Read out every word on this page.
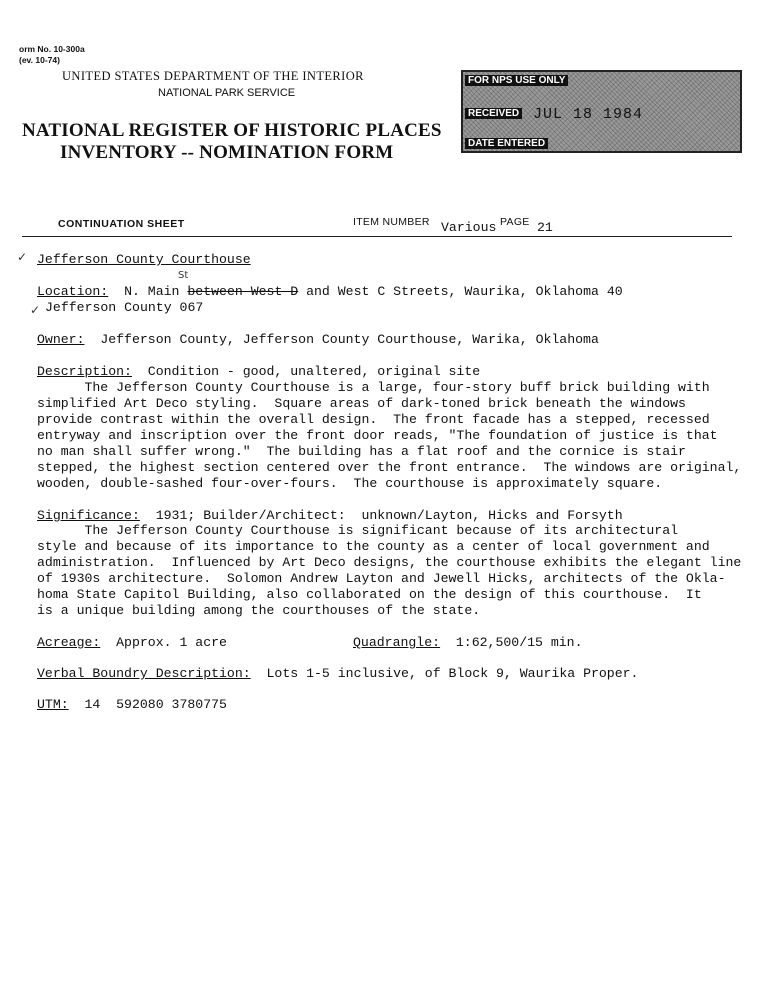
orm No. 10-300a
(ev. 10-74)
UNITED STATES DEPARTMENT OF THE INTERIOR
NATIONAL PARK SERVICE
NATIONAL REGISTER OF HISTORIC PLACES
INVENTORY -- NOMINATION FORM
FOR NPS USE ONLY
RECEIVED JUL 18 1984
DATE ENTERED
CONTINUATION SHEET	ITEM NUMBER Various PAGE 21
✓ Jefferson County Courthouse
St
Location: N. Main between West D and West C Streets, Waurika, Oklahoma 40
✓ Jefferson County 067
Owner: Jefferson County, Jefferson County Courthouse, Warika, Oklahoma
Description: Condition - good, unaltered, original site
The Jefferson County Courthouse is a large, four-story buff brick building with
simplified Art Deco styling.  Square areas of dark-toned brick beneath the windows
provide contrast within the overall design.  The front facade has a stepped, recessed
entryway and inscription over the front door reads, "The foundation of justice is that
no man shall suffer wrong."  The building has a flat roof and the cornice is stair
stepped, the highest section centered over the front entrance.  The windows are original,
wooden, double-sashed four-over-fours.  The courthouse is approximately square.
Significance: 1931; Builder/Architect:  unknown/Layton, Hicks and Forsyth
The Jefferson County Courthouse is significant because of its architectural
style and because of its importance to the county as a center of local government and
administration.  Influenced by Art Deco designs, the courthouse exhibits the elegant line
of 1930s architecture.  Solomon Andrew Layton and Jewell Hicks, architects of the Okla-
homa State Capitol Building, also collaborated on the design of this courthouse.  It
is a unique building among the courthouses of the state.
Acreage: Approx. 1 acre	Quadrangle: 1:62,500/15 min.
Verbal Boundry Description: Lots 1-5 inclusive, of Block 9, Waurika Proper.
UTM: 14  592080 3780775
